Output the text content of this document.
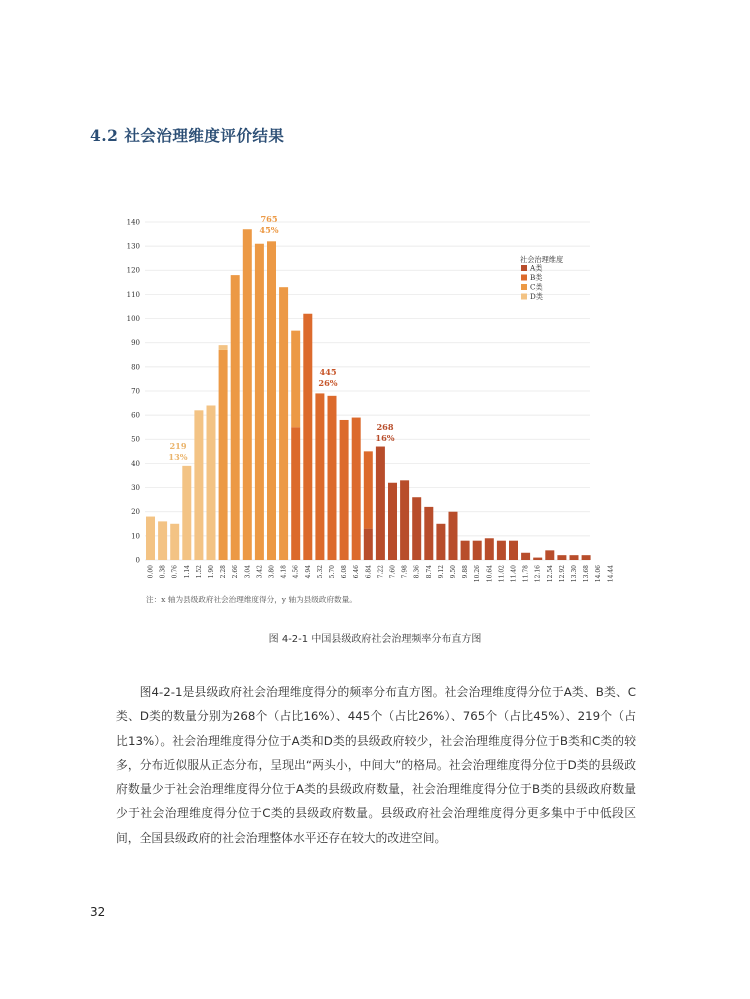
4.2 社会治理维度评价结果
0
10
20
30
40
50
60
70
80
90
100
110
120
130
140
0.00 0.38 0.76 1.14 1.52 1.90 2.28 2.66 3.04 3.42 3.80 4.18 4.56 4.94 5.32 5.70 6.08 6.46 6.84 7.22 7.60 7.98 8.36 8.74 9.12 9.50 9.88 10.26 10.64 11.02 11.40 11.78 12.16 12.54 12.92 13.30 13.68 14.06 14.44
765
45%
445
26%
268
16%
219
13%
社会治理维度
A类
B类
C类
D类
注：x 轴为县级政府社会治理维度得分，y 轴为县级政府数量。
图 4-2-1 中国县级政府社会治理频率分布直方图

图4-2-1是县级政府社会治理维度得分的频率分布直方图。社会治理维度得分位于A类、B类、C类、D类的数量分别为268个（占比16%）、445个（占比26%）、765个（占比45%）、219个（占比13%）。社会治理维度得分位于A类和D类的县级政府较少，社会治理维度得分位于B类和C类的较多，分布近似服从正态分布，呈现出“两头小，中间大”的格局。社会治理维度得分位于D类的县级政府数量少于社会治理维度得分位于A类的县级政府数量，社会治理维度得分位于B类的县级政府数量少于社会治理维度得分位于C类的县级政府数量。县级政府社会治理维度得分更多集中于中低段区间，全国县级政府的社会治理整体水平还存在较大的改进空间。

32
